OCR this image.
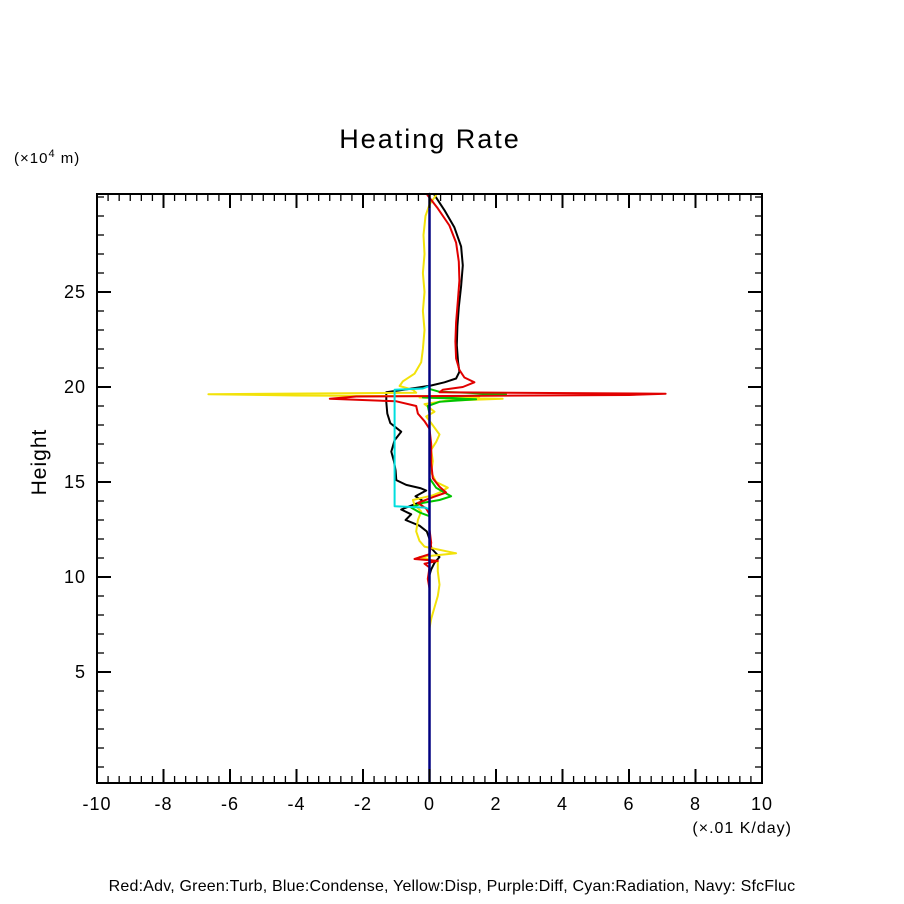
Heating Rate
($\times 10^4$ m)
Height
(×.01 K/day)
Red:Adv, Green:Turb, Blue:Condense, Yellow:Disp, Purple:Diff, Cyan:Radiation, Navy: SfcFluc
-10 -8	-6	-4	-2	0	2	4	6	8	10
5
10
15
20
25
